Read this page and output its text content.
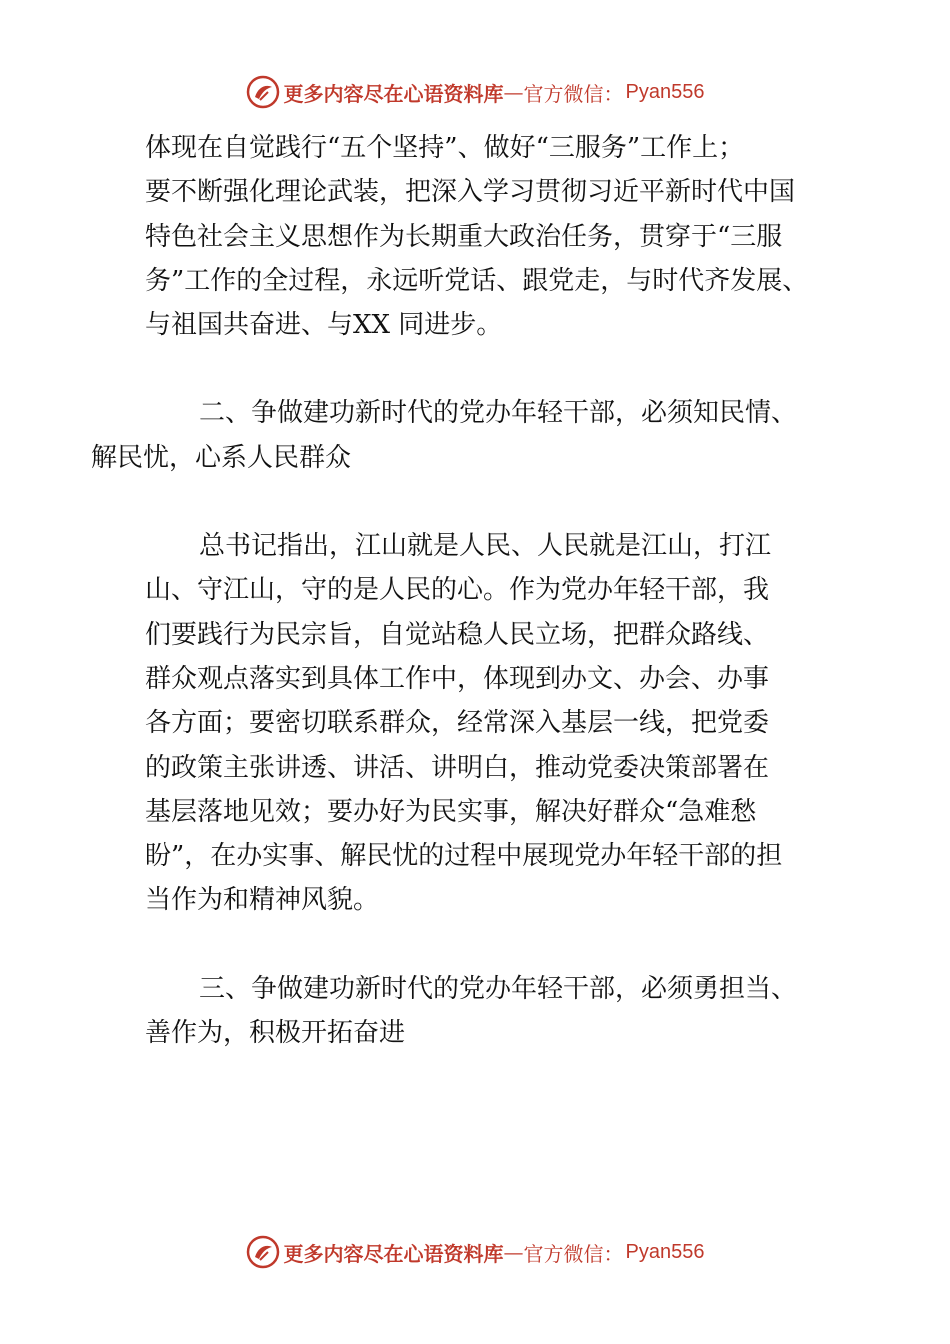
更多内容尽在心语资料库 — 官方微信： Pyan556

体现在自觉践行“五个坚持”、做好“三服务”工作上；
要不断强化理论武装，把深入学习贯彻习近平新时代中国
特色社会主义思想作为长期重大政治任务，贯穿于“三服
务”工作的全过程，永远听党话、跟党走，与时代齐发展、
与祖国共奋进、与XX 同进步。

二、争做建功新时代的党办年轻干部，必须知民情、
解民忧，心系人民群众

总书记指出，江山就是人民、人民就是江山，打江
山、守江山，守的是人民的心。作为党办年轻干部，我
们要践行为民宗旨，自觉站稳人民立场，把群众路线、
群众观点落实到具体工作中，体现到办文、办会、办事
各方面；要密切联系群众，经常深入基层一线，把党委
的政策主张讲透、讲活、讲明白，推动党委决策部署在
基层落地见效；要办好为民实事，解决好群众“急难愁
盼”，在办实事、解民忧的过程中展现党办年轻干部的担
当作为和精神风貌。

三、争做建功新时代的党办年轻干部，必须勇担当、
善作为，积极开拓奋进

更多内容尽在心语资料库 — 官方微信： Pyan556
